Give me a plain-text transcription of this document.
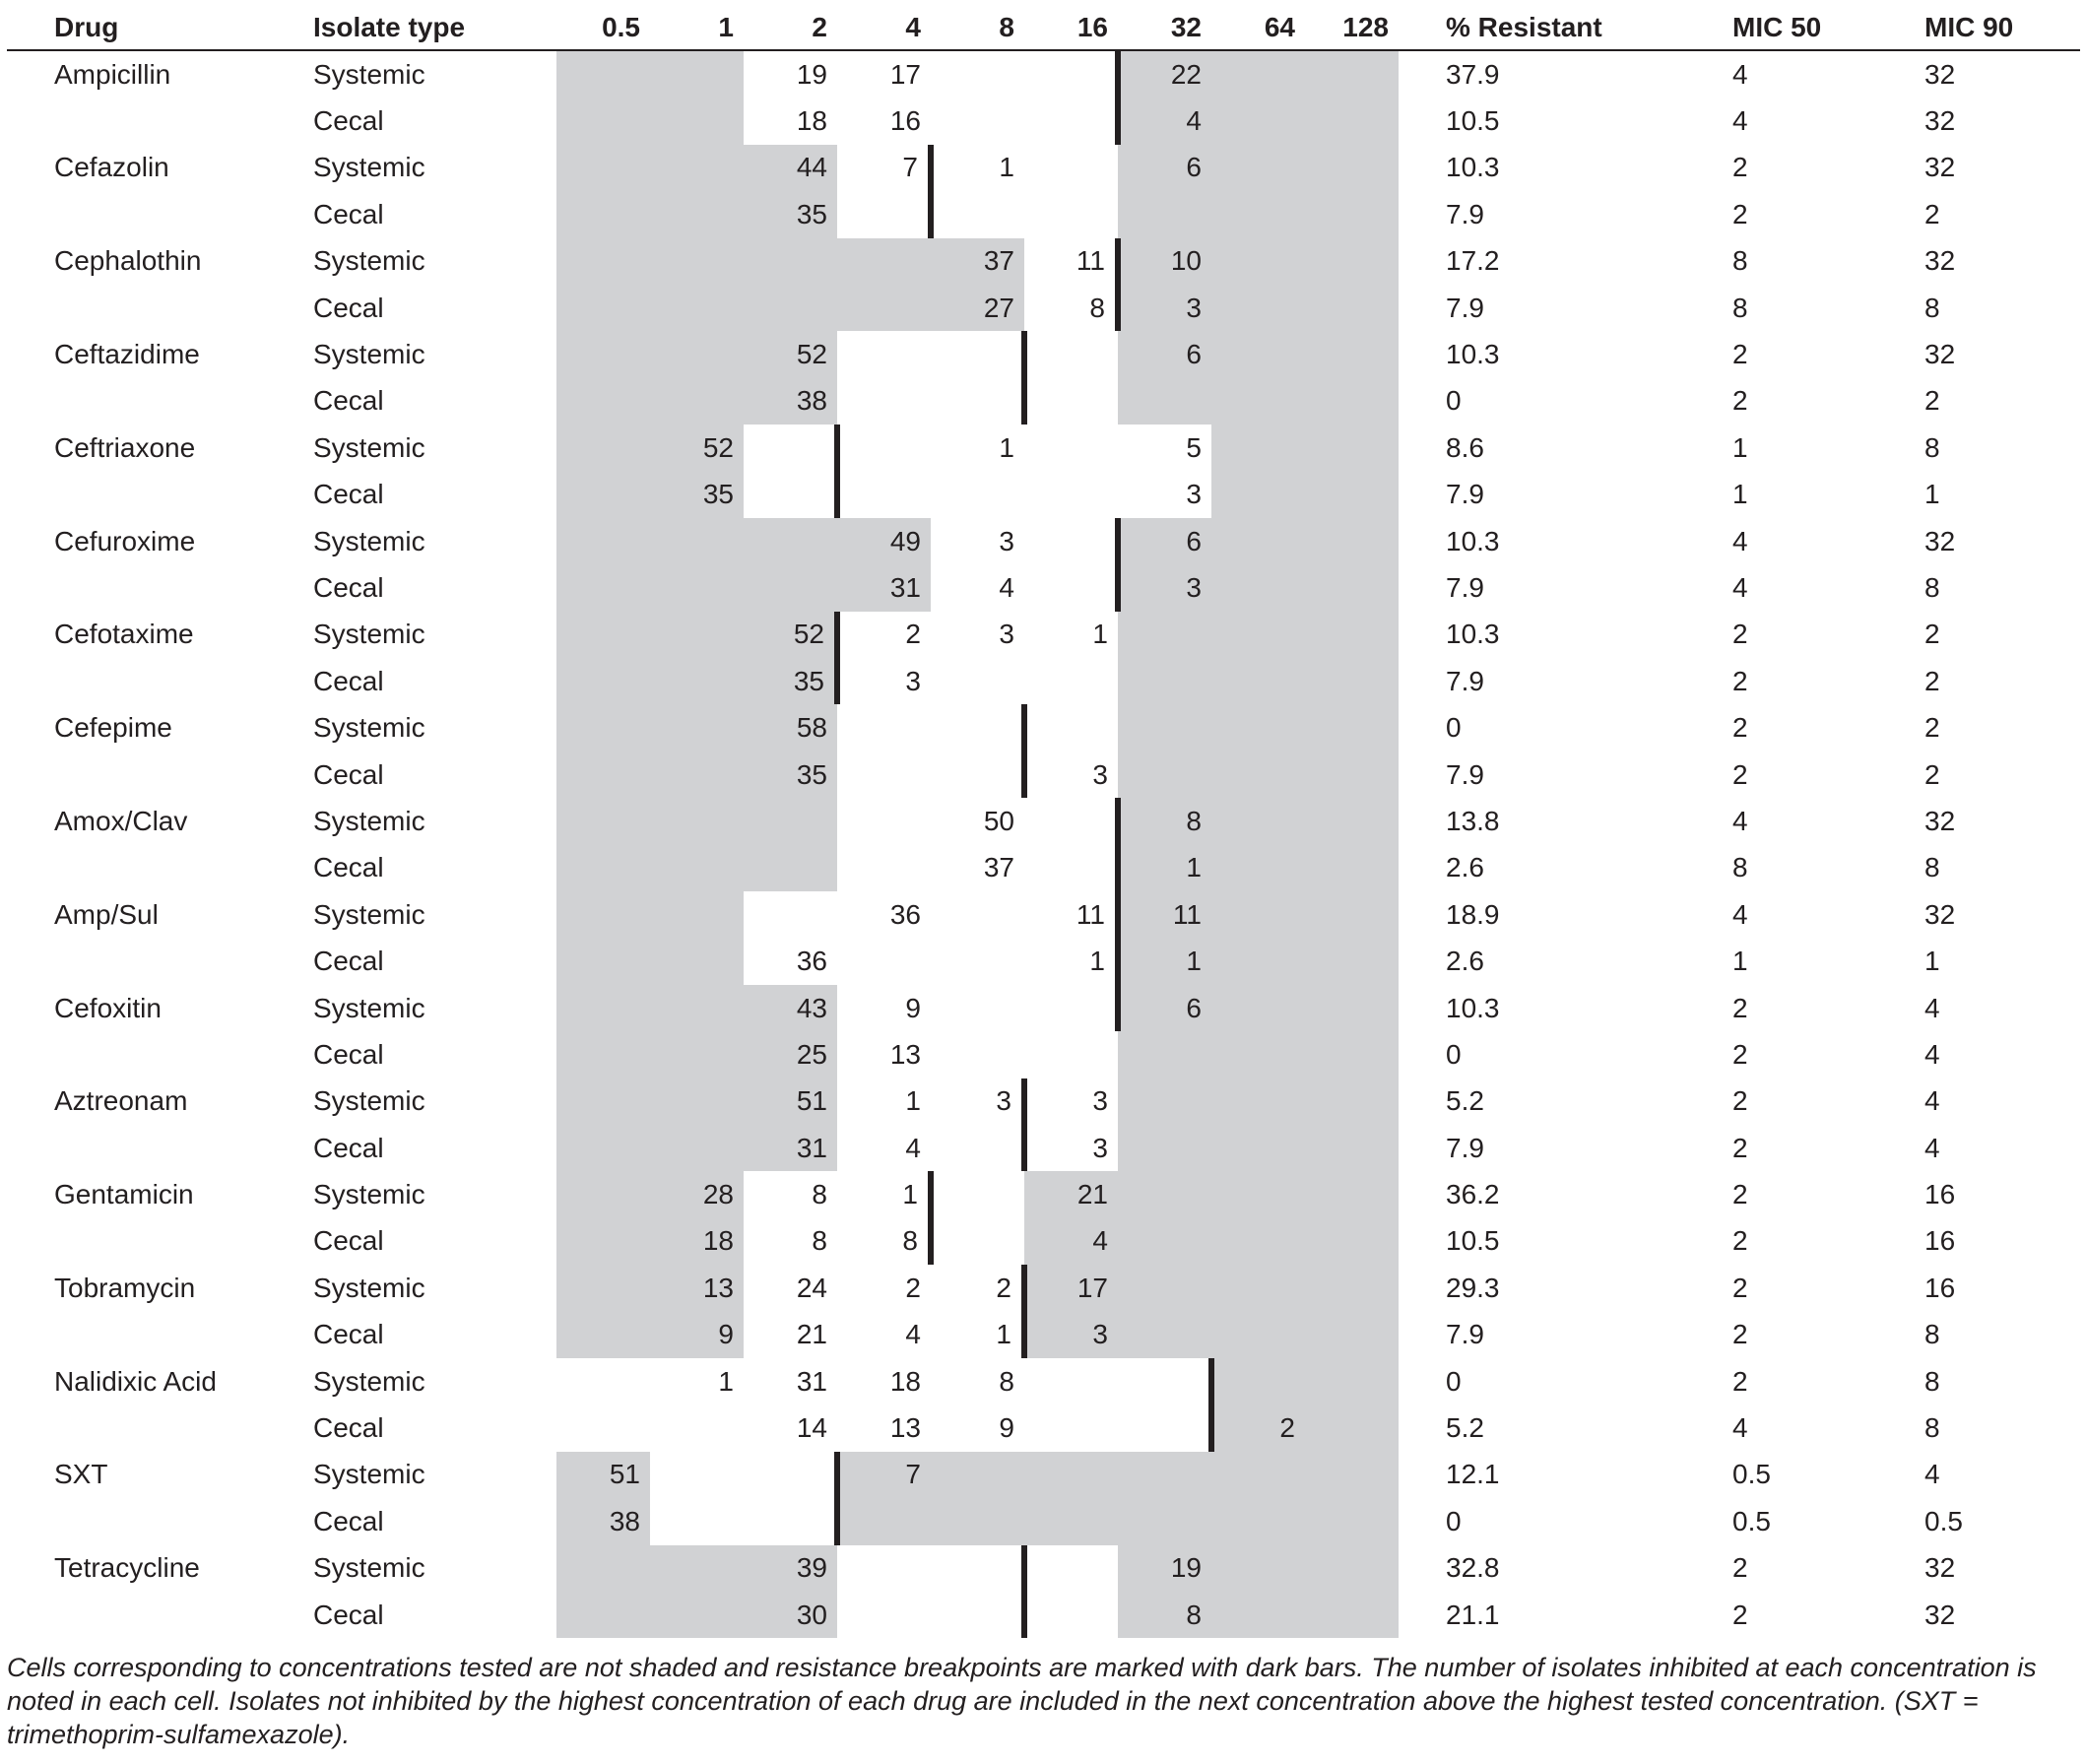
Drug	Isolate type	0.5	1	2	4	8	16	32	64	128	% Resistant	MIC 50	MIC 90
Ampicillin	Systemic			19	17			22			37.9	4	32
	Cecal			18	16			4			10.5	4	32
Cefazolin	Systemic			44	7	1		6			10.3	2	32
	Cecal			35							7.9	2	2
Cephalothin	Systemic					37	11	10			17.2	8	32
	Cecal					27	8	3			7.9	8	8
Ceftazidime	Systemic			52				6			10.3	2	32
	Cecal			38							0	2	2
Ceftriaxone	Systemic		52			1		5			8.6	1	8
	Cecal		35					3			7.9	1	1
Cefuroxime	Systemic				49	3		6			10.3	4	32
	Cecal				31	4		3			7.9	4	8
Cefotaxime	Systemic			52	2	3	1				10.3	2	2
	Cecal			35	3						7.9	2	2
Cefepime	Systemic			58							0	2	2
	Cecal			35			3				7.9	2	2
Amox/Clav	Systemic					50		8			13.8	4	32
	Cecal					37		1			2.6	8	8
Amp/Sul	Systemic				36		11	11			18.9	4	32
	Cecal			36			1	1			2.6	1	1
Cefoxitin	Systemic			43	9			6			10.3	2	4
	Cecal			25	13						0	2	4
Aztreonam	Systemic			51	1	3	3				5.2	2	4
	Cecal			31	4		3				7.9	2	4
Gentamicin	Systemic		28	8	1		21				36.2	2	16
	Cecal		18	8	8		4				10.5	2	16
Tobramycin	Systemic		13	24	2	2	17				29.3	2	16
	Cecal		9	21	4	1	3				7.9	2	8
Nalidixic Acid	Systemic		1	31	18	8					0	2	8
	Cecal			14	13	9			2		5.2	4	8
SXT	Systemic	51			7						12.1	0.5	4
	Cecal	38									0	0.5	0.5
Tetracycline	Systemic			39				19			32.8	2	32
	Cecal			30				8			21.1	2	32
Cells corresponding to concentrations tested are not shaded and resistance breakpoints are marked with dark bars. The number of isolates inhibited at each concentration is noted in each cell. Isolates not inhibited by the highest concentration of each drug are included in the next concentration above the highest tested concentration. (SXT = trimethoprim-sulfamexazole).
